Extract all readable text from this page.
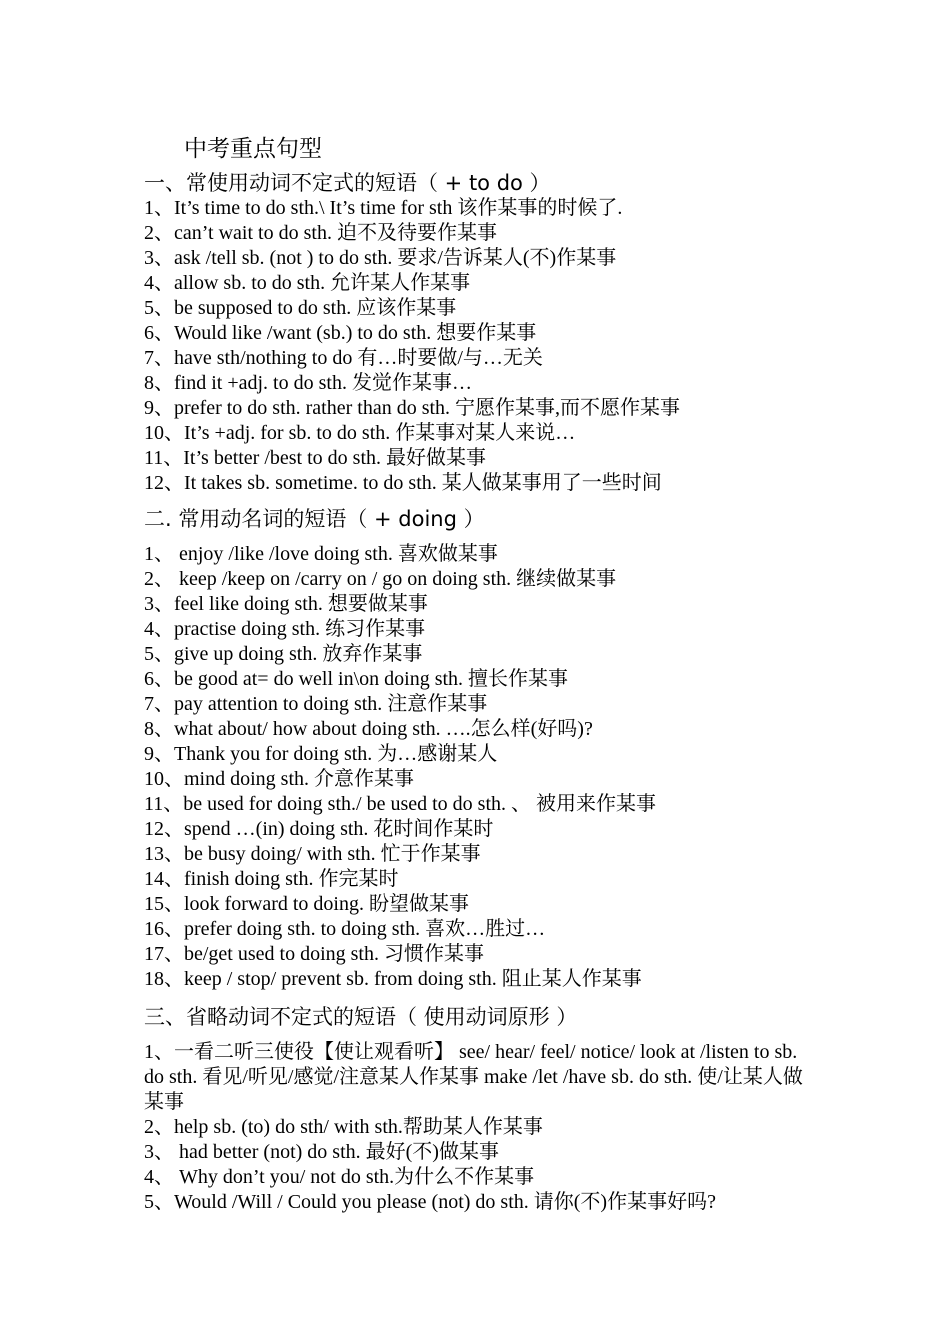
中考重点句型
一、常使用动词不定式的短语（ + to do ）
1、It’s time to do sth.\ It’s time for sth 该作某事的时候了.
2、can’t wait to do sth. 迫不及待要作某事
3、ask /tell sb. (not ) to do sth. 要求/告诉某人(不)作某事
4、allow sb. to do sth. 允许某人作某事
5、be supposed to do sth. 应该作某事
6、Would like /want (sb.) to do sth. 想要作某事
7、have sth/nothing to do 有…时要做/与…无关
8、find it +adj. to do sth. 发觉作某事…
9、prefer to do sth. rather than do sth. 宁愿作某事,而不愿作某事
10、It’s +adj. for sb. to do sth. 作某事对某人来说…
11、It’s better /best to do sth. 最好做某事
12、It takes sb. sometime. to do sth. 某人做某事用了一些时间
二. 常用动名词的短语（ + doing ）
1、 enjoy /like /love doing sth. 喜欢做某事
2、 keep /keep on /carry on / go on doing sth. 继续做某事
3、feel like doing sth. 想要做某事
4、practise doing sth. 练习作某事
5、give up doing sth. 放弃作某事
6、be good at= do well in\on doing sth. 擅长作某事
7、pay attention to doing sth. 注意作某事
8、what about/ how about doing sth. ….怎么样(好吗)?
9、Thank you for doing sth. 为…感谢某人
10、mind doing sth. 介意作某事
11、be used for doing sth./ be used to do sth. 、 被用来作某事
12、spend …(in) doing sth. 花时间作某时
13、be busy doing/ with sth. 忙于作某事
14、finish doing sth. 作完某时
15、look forward to doing. 盼望做某事
16、prefer doing sth. to doing sth. 喜欢…胜过…
17、be/get used to doing sth. 习惯作某事
18、keep / stop/ prevent sb. from doing sth. 阻止某人作某事
三、省略动词不定式的短语（ 使用动词原形 ）
1、一看二听三使役【使让观看听】 see/ hear/ feel/ notice/ look at /listen to sb. do sth. 看见/听见/感觉/注意某人作某事 make /let /have sb. do sth. 使/让某人做某事
2、help sb. (to) do sth/ with sth.帮助某人作某事
3、 had better (not) do sth. 最好(不)做某事
4、 Why don’t you/ not do sth.为什么不作某事
5、Would /Will / Could you please (not) do sth. 请你(不)作某事好吗?
